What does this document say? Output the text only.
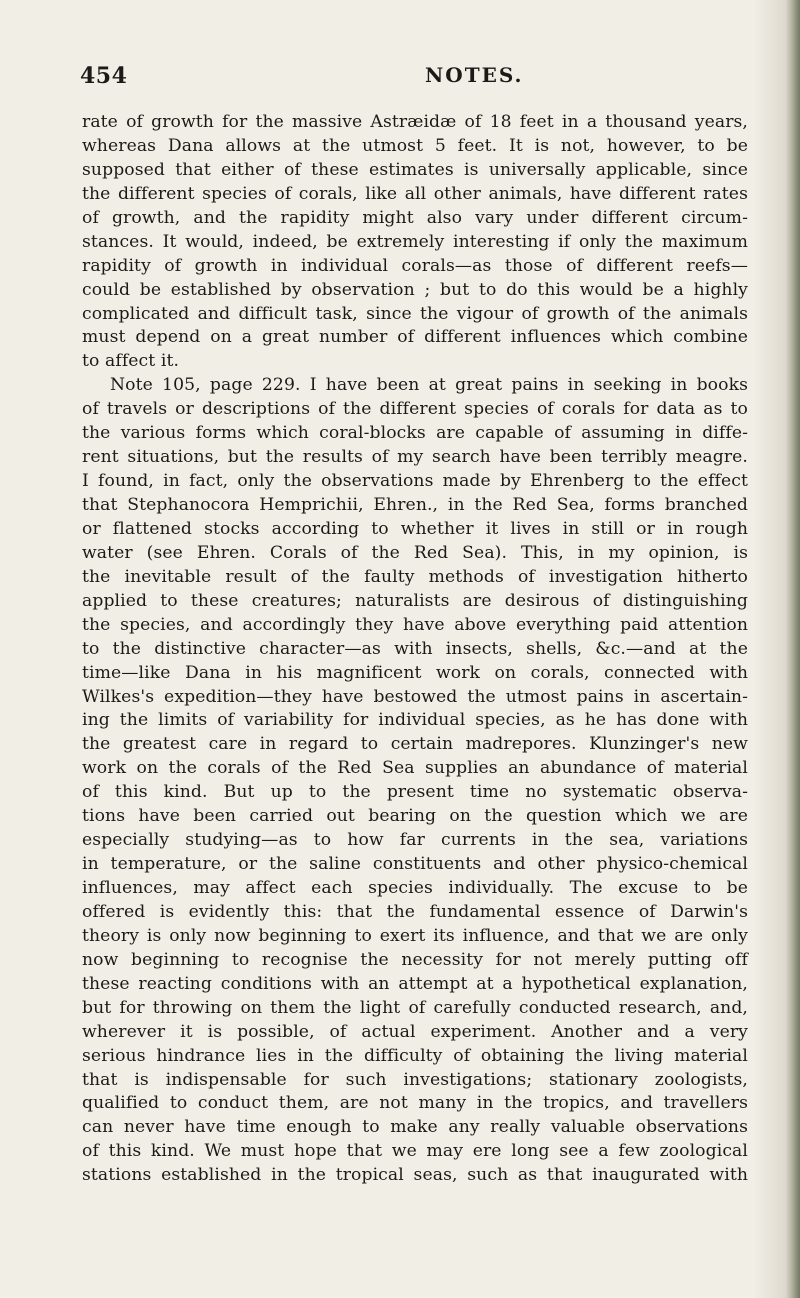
454	NOTES.
rate of growth for the massive Astræidæ of 18 feet in a thousand years,
whereas Dana allows at the utmost 5 feet. It is not, however, to be
supposed that either of these estimates is universally applicable, since
the different species of corals, like all other animals, have different rates
of growth, and the rapidity might also vary under different circum-
stances. It would, indeed, be extremely interesting if only the maximum
rapidity of growth in individual corals—as those of different reefs—
could be established by observation ; but to do this would be a highly
complicated and difficult task, since the vigour of growth of the animals
must depend on a great number of different influences which combine
to affect it.
Note 105, page 229. I have been at great pains in seeking in books
of travels or descriptions of the different species of corals for data as to
the various forms which coral-blocks are capable of assuming in diffe-
rent situations, but the results of my search have been terribly meagre.
I found, in fact, only the observations made by Ehrenberg to the effect
that Stephanocora Hemprichii, Ehren., in the Red Sea, forms branched
or flattened stocks according to whether it lives in still or in rough
water (see Ehren. Corals of the Red Sea). This, in my opinion, is
the inevitable result of the faulty methods of investigation hitherto
applied to these creatures; naturalists are desirous of distinguishing
the species, and accordingly they have above everything paid attention
to the distinctive character—as with insects, shells, &c.—and at the
time—like Dana in his magnificent work on corals, connected with
Wilkes's expedition—they have bestowed the utmost pains in ascertain-
ing the limits of variability for individual species, as he has done with
the greatest care in regard to certain madrepores. Klunzinger's new
work on the corals of the Red Sea supplies an abundance of material
of this kind. But up to the present time no systematic observa-
tions have been carried out bearing on the question which we are
especially studying—as to how far currents in the sea, variations
in temperature, or the saline constituents and other physico-chemical
influences, may affect each species individually. The excuse to be
offered is evidently this: that the fundamental essence of Darwin's
theory is only now beginning to exert its influence, and that we are only
now beginning to recognise the necessity for not merely putting off
these reacting conditions with an attempt at a hypothetical explanation,
but for throwing on them the light of carefully conducted research, and,
wherever it is possible, of actual experiment. Another and a very
serious hindrance lies in the difficulty of obtaining the living material
that is indispensable for such investigations; stationary zoologists,
qualified to conduct them, are not many in the tropics, and travellers
can never have time enough to make any really valuable observations
of this kind. We must hope that we may ere long see a few zoological
stations established in the tropical seas, such as that inaugurated with
